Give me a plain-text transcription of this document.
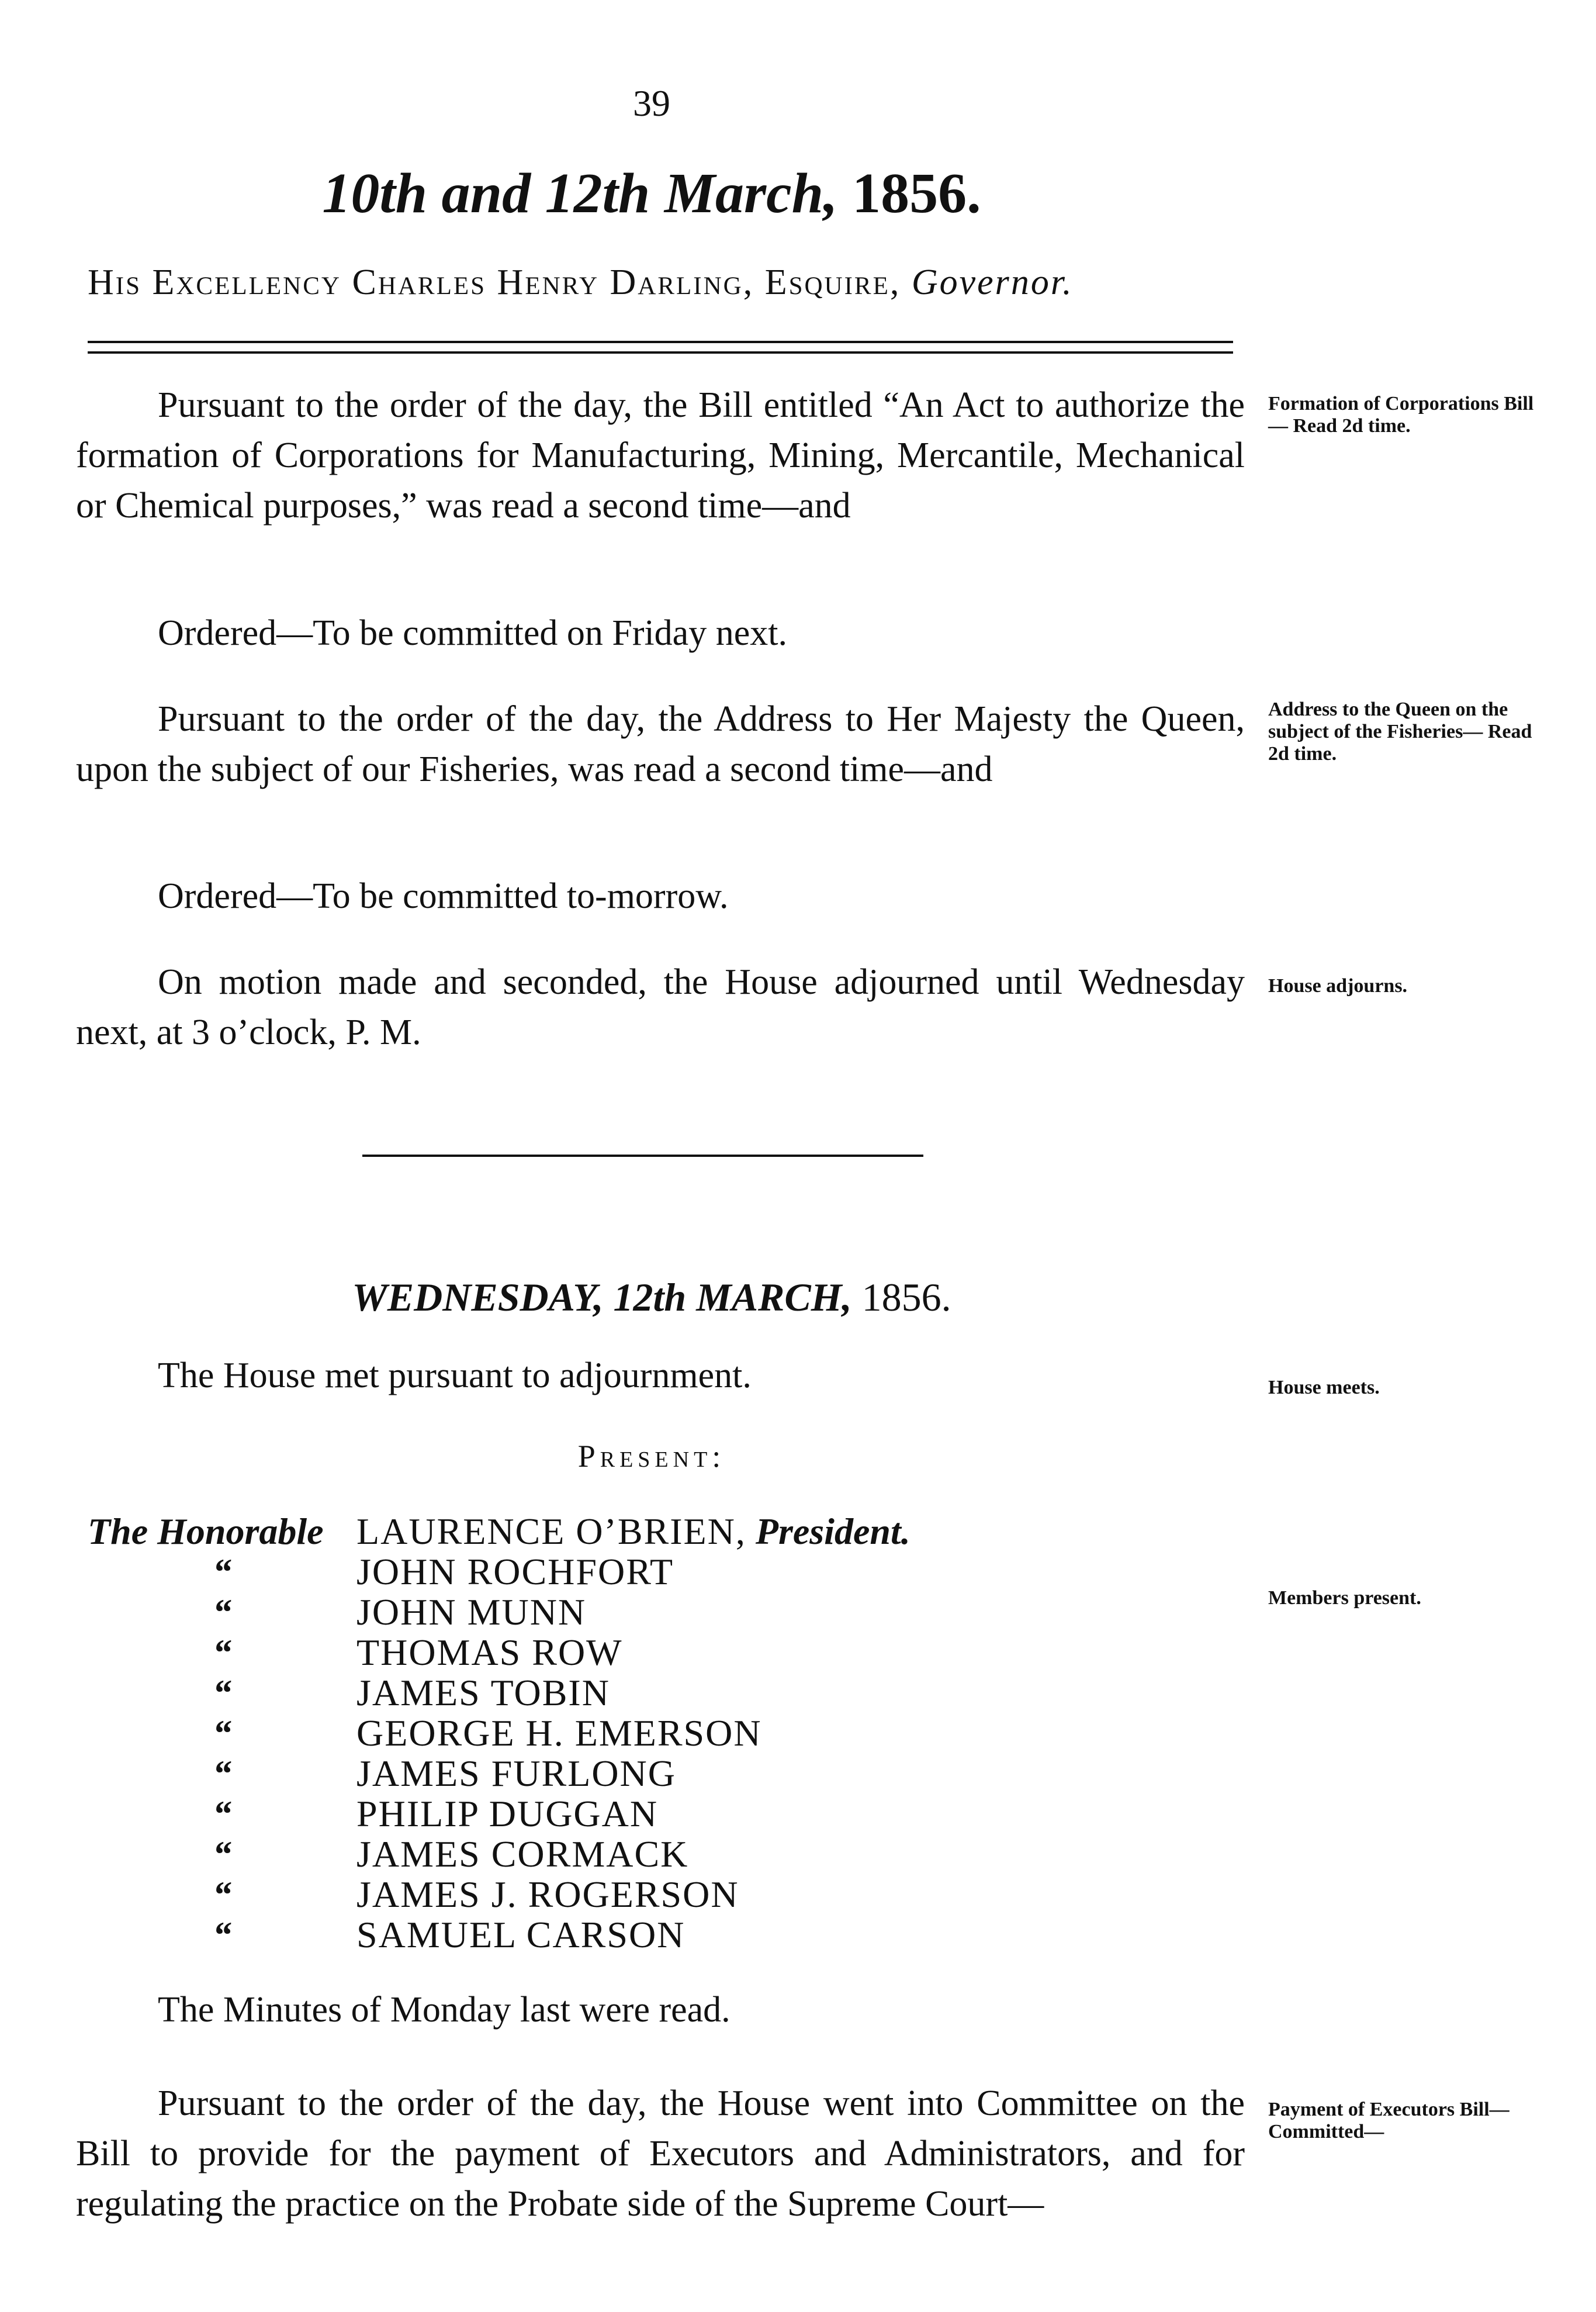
39
10th and 12th March, 1856.
His Excellency Charles Henry Darling, Esquire, Governor.
Pursuant to the order of the day, the Bill entitled “An Act to authorize the formation of Corporations for Manufacturing, Mining, Mercantile, Mechanical or Chemical purposes,” was read a second time—and
Formation of Corporations Bill— Read 2d time.
Ordered—To be committed on Friday next.
Pursuant to the order of the day, the Address to Her Majesty the Queen, upon the subject of our Fisheries, was read a second time—and
Address to the Queen on the subject of the Fisheries— Read 2d time.
Ordered—To be committed to-morrow.
On motion made and seconded, the House adjourned until Wednesday next, at 3 o’clock, P. M.
House adjourns.
WEDNESDAY, 12th MARCH, 1856.
The House met pursuant to adjournment.	House meets.
Present:
The Honorable LAURENCE O’BRIEN, President.
“	JOHN ROCHFORT
“	JOHN MUNN
“	THOMAS ROW
“	JAMES TOBIN
“	GEORGE H. EMERSON
“	JAMES FURLONG
“	PHILIP DUGGAN
“	JAMES CORMACK
“	JAMES J. ROGERSON
“	SAMUEL CARSON
Members present.
The Minutes of Monday last were read.
Pursuant to the order of the day, the House went into Committee on the Bill to provide for the payment of Executors and Administrators, and for regulating the practice on the Probate side of the Supreme Court—
Payment of Executors Bill— Committed—
